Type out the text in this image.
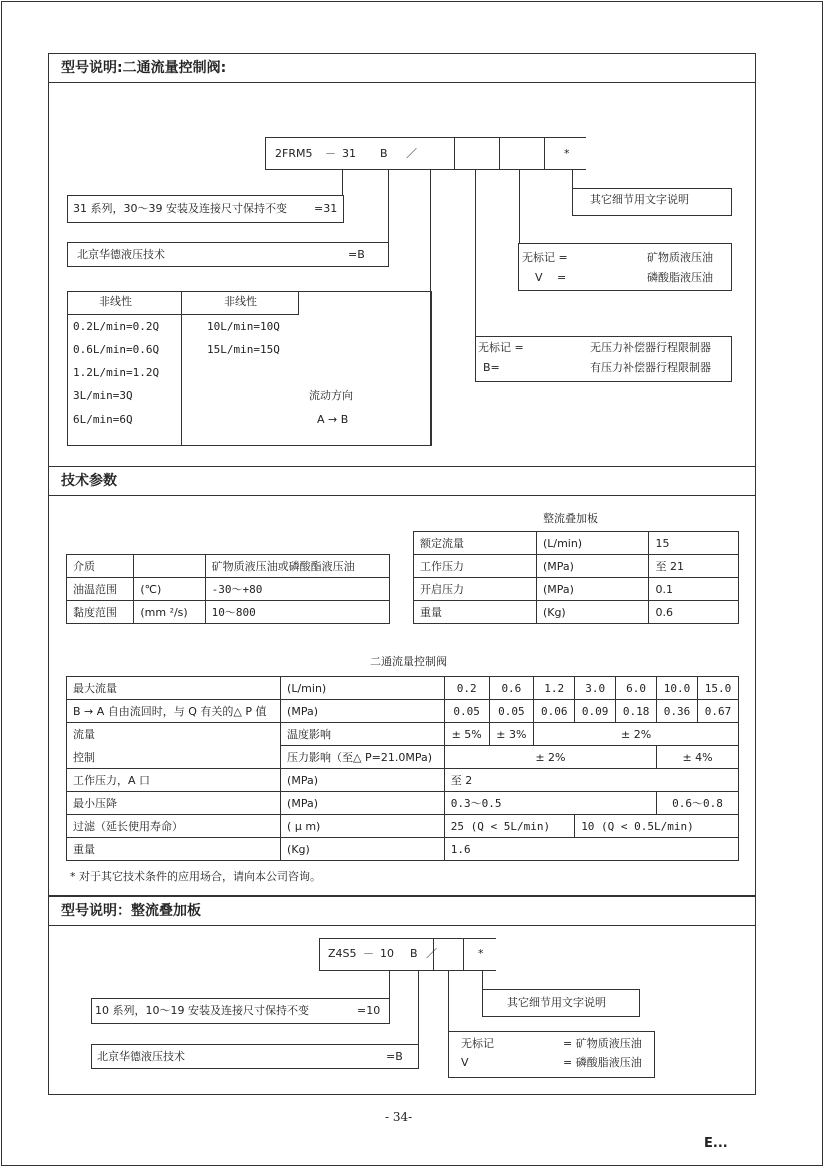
型号说明:二通流量控制阀:
2FRM5 － 31 B ／	*
31 系列，30～39 安装及连接尺寸保持不变 =31
其它细节用文字说明
北京华德液压技术	=B	无标记 =	矿物质液压油
V　 =	磷酸脂液压油
无标记 =	无压力补偿器行程限制器
B=	有压力补偿器行程限制器
非线性	非线性
0.2L/min=0.2Q
0.6L/min=0.6Q
1.2L/min=1.2Q
3L/min=3Q
6L/min=6Q
10L/min=10Q
15L/min=15Q
流动方向
A → B
技术参数
整流叠加板
介质		矿物质液压油或磷酸酯液压油
油温范围	(℃)	-30～+80
黏度范围	(mm ²/s)	10～800
额定流量	(L/min)	15
工作压力	(MPa)	至 21
开启压力	(MPa)	0.1
重量	(Kg)	0.6
二通流量控制阀
最大流量	(L/min)	0.2	0.6	1.2	3.0	6.0	10.0	15.0
B → A 自由流回时，与 Q 有关的△ P 值	(MPa)	0.05	0.05	0.06	0.09	0.18	0.36	0.67
流量	温度影响	± 5%	± 3%	± 2%				
控制	压力影响（至△ P=21.0MPa)	± 2%					± 4%	
工作压力，A 口	(MPa)	至 2						
最小压降	(MPa)	0.3～0.5					0.6～0.8	
过滤（延长使用寿命）	( μ m)	25 (Q < 5L/min)			10 (Q < 0.5L/min)			
重量	(Kg)	1.6						
* 对于其它技术条件的应用场合，请向本公司咨询。
型号说明：整流叠加板
Z4S5 － 10 B ／	*
10 系列，10～19 安装及连接尺寸保持不变	=10
其它细节用文字说明
北京华德液压技术	=B
无标记	= 矿物质液压油
V	= 磷酸脂液压油
- 34-
E...
